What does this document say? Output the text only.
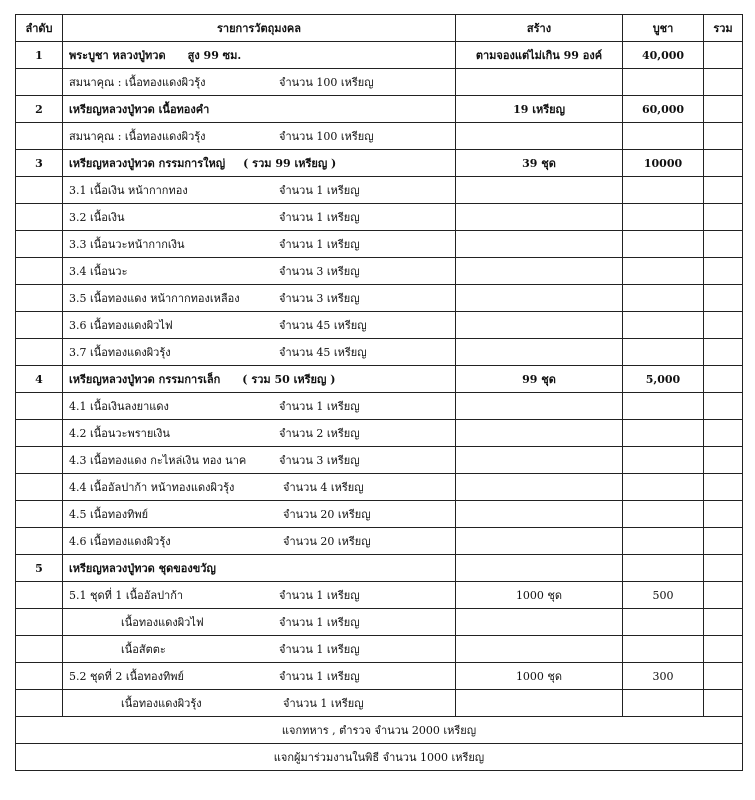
ลำดับ	รายการวัตถุมงคล	สร้าง	บูชา	รวม
1	พระบูชา หลวงปู่ทวด สูง 99 ซม.	ตามจองแต่ไม่เกิน 99 องค์	40,000	
	สมนาคุณ : เนื้อทองแดงผิวรุ้ง จำนวน 100 เหรียญ			
2	เหรียญหลวงปู่ทวด เนื้อทองคำ	19 เหรียญ	60,000	
	สมนาคุณ : เนื้อทองแดงผิวรุ้ง จำนวน 100 เหรียญ			
3	เหรียญหลวงปู่ทวด กรรมการใหญ่ ( รวม 99 เหรียญ )	39 ชุด	10000	
	3.1 เนื้อเงิน หน้ากากทอง จำนวน 1 เหรียญ			
	3.2 เนื้อเงิน จำนวน 1 เหรียญ			
	3.3 เนื้อนวะหน้ากากเงิน จำนวน 1 เหรียญ			
	3.4 เนื้อนวะ จำนวน 3 เหรียญ			
	3.5 เนื้อทองแดง หน้ากากทองเหลือง จำนวน 3 เหรียญ			
	3.6 เนื้อทองแดงผิวไฟ จำนวน 45 เหรียญ			
	3.7 เนื้อทองแดงผิวรุ้ง จำนวน 45 เหรียญ			
4	เหรียญหลวงปู่ทวด กรรมการเล็ก ( รวม 50 เหรียญ )	99 ชุด	5,000	
	4.1 เนื้อเงินลงยาแดง จำนวน 1 เหรียญ			
	4.2 เนื้อนวะพรายเงิน จำนวน 2 เหรียญ			
	4.3 เนื้อทองแดง กะไหล่เงิน ทอง นาค จำนวน 3 เหรียญ			
	4.4 เนื้ออัลปาก้า หน้าทองแดงผิวรุ้ง จำนวน 4 เหรียญ			
	4.5 เนื้อทองทิพย์ จำนวน 20 เหรียญ			
	4.6 เนื้อทองแดงผิวรุ้ง จำนวน 20 เหรียญ			
5	เหรียญหลวงปู่ทวด ชุดของขวัญ			
	5.1 ชุดที่ 1 เนื้ออัลปาก้า จำนวน 1 เหรียญ	1000 ชุด	500	
	เนื้อทองแดงผิวไฟ จำนวน 1 เหรียญ			
	เนื้อสัตตะ จำนวน 1 เหรียญ			
	5.2 ชุดที่ 2 เนื้อทองทิพย์ จำนวน 1 เหรียญ	1000 ชุด	300	
	เนื้อทองแดงผิวรุ้ง จำนวน 1 เหรียญ			
แจกทหาร , ตำรวจ จำนวน 2000 เหรียญ				
แจกผู้มาร่วมงานในพิธี จำนวน 1000 เหรียญ				
